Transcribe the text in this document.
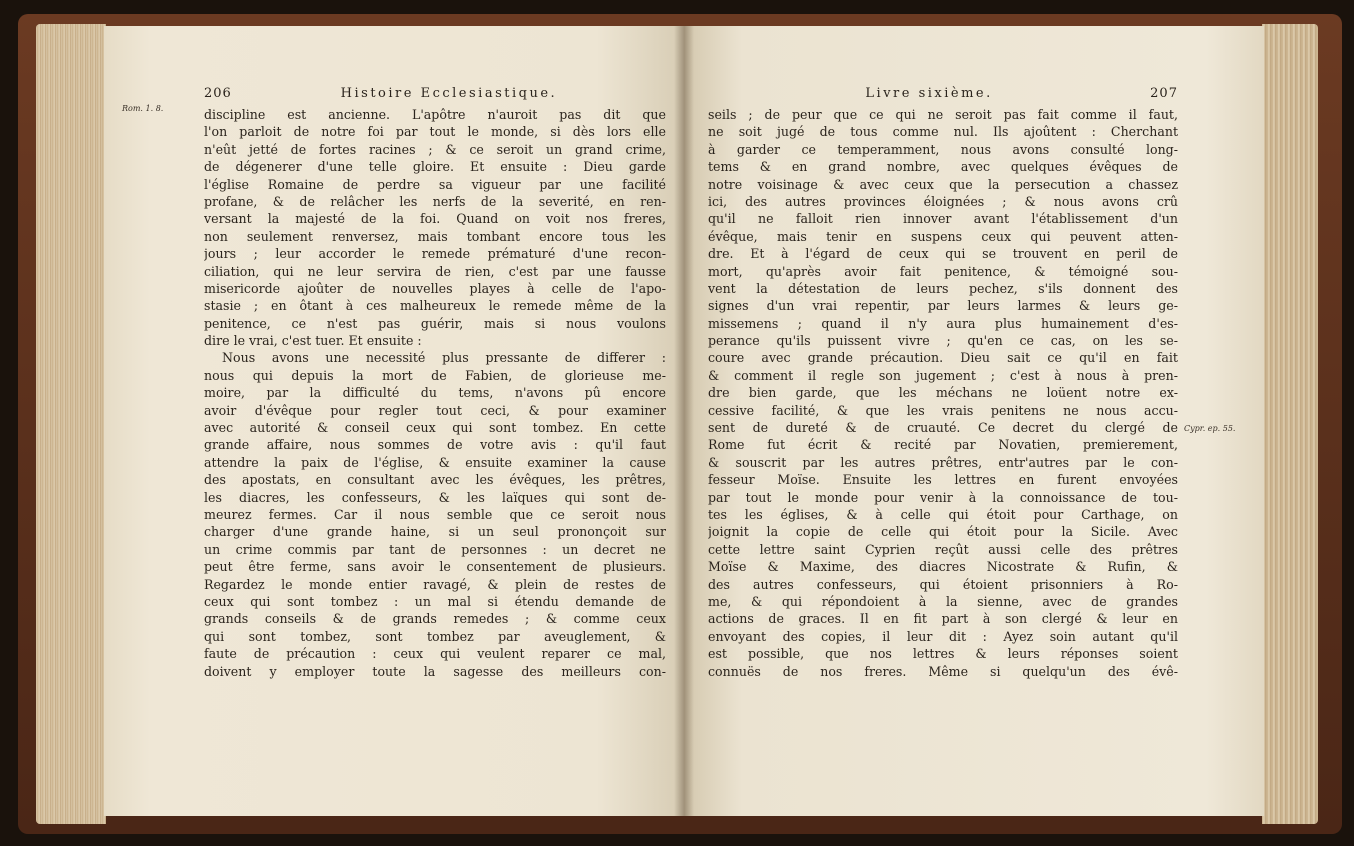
Rom. 1. 8.
Cypr. ep. 55.
206	Histoire Ecclesiastique.
discipline est ancienne. L'apôtre n'auroit pas dit que
l'on parloit de notre foi par tout le monde, si dès lors elle
n'eût jetté de fortes racines ; & ce seroit un grand crime,
de dégenerer d'une telle gloire. Et ensuite : Dieu garde
l'église Romaine de perdre sa vigueur par une facilité
profane, & de relâcher les nerfs de la severité, en ren-
versant la majesté de la foi. Quand on voit nos freres,
non seulement renversez, mais tombant encore tous les
jours ; leur accorder le remede prématuré d'une recon-
ciliation, qui ne leur servira de rien, c'est par une fausse
misericorde ajoûter de nouvelles playes à celle de l'apo-
stasie ; en ôtant à ces malheureux le remede même de la
penitence, ce n'est pas guérir, mais si nous voulons
dire le vrai, c'est tuer. Et ensuite :
Nous avons une necessité plus pressante de differer :
nous qui depuis la mort de Fabien, de glorieuse me-
moire, par la difficulté du tems, n'avons pû encore
avoir d'évêque pour regler tout ceci, & pour examiner
avec autorité & conseil ceux qui sont tombez. En cette
grande affaire, nous sommes de votre avis : qu'il faut
attendre la paix de l'église, & ensuite examiner la cause
des apostats, en consultant avec les évêques, les prêtres,
les diacres, les confesseurs, & les laïques qui sont de-
meurez fermes. Car il nous semble que ce seroit nous
charger d'une grande haine, si un seul prononçoit sur
un crime commis par tant de personnes : un decret ne
peut être ferme, sans avoir le consentement de plusieurs.
Regardez le monde entier ravagé, & plein de restes de
ceux qui sont tombez : un mal si étendu demande de
grands conseils & de grands remedes ; & comme ceux
qui sont tombez, sont tombez par aveuglement, &
faute de précaution : ceux qui veulent reparer ce mal,
doivent y employer toute la sagesse des meilleurs con-
Livre sixième.	207
seils ; de peur que ce qui ne seroit pas fait comme il faut,
ne soit jugé de tous comme nul. Ils ajoûtent : Cherchant
à garder ce temperamment, nous avons consulté long-
tems & en grand nombre, avec quelques évêques de
notre voisinage & avec ceux que la persecution a chassez
ici, des autres provinces éloignées ; & nous avons crû
qu'il ne falloit rien innover avant l'établissement d'un
évêque, mais tenir en suspens ceux qui peuvent atten-
dre. Et à l'égard de ceux qui se trouvent en peril de
mort, qu'après avoir fait penitence, & témoigné sou-
vent la détestation de leurs pechez, s'ils donnent des
signes d'un vrai repentir, par leurs larmes & leurs ge-
missemens ; quand il n'y aura plus humainement d'es-
perance qu'ils puissent vivre ; qu'en ce cas, on les se-
coure avec grande précaution. Dieu sait ce qu'il en fait
& comment il regle son jugement ; c'est à nous à pren-
dre bien garde, que les méchans ne loüent notre ex-
cessive facilité, & que les vrais penitens ne nous accu-
sent de dureté & de cruauté. Ce decret du clergé de
Rome fut écrit & recité par Novatien, premierement,
& souscrit par les autres prêtres, entr'autres par le con-
fesseur Moïse. Ensuite les lettres en furent envoyées
par tout le monde pour venir à la connoissance de tou-
tes les églises, & à celle qui étoit pour Carthage, on
joignit la copie de celle qui étoit pour la Sicile. Avec
cette lettre saint Cyprien reçût aussi celle des prêtres
Moïse & Maxime, des diacres Nicostrate & Rufin, &
des autres confesseurs, qui étoient prisonniers à Ro-
me, & qui répondoient à la sienne, avec de grandes
actions de graces. Il en fit part à son clergé & leur en
envoyant des copies, il leur dit : Ayez soin autant qu'il
est possible, que nos lettres & leurs réponses soient
connuës de nos freres. Même si quelqu'un des évê-
